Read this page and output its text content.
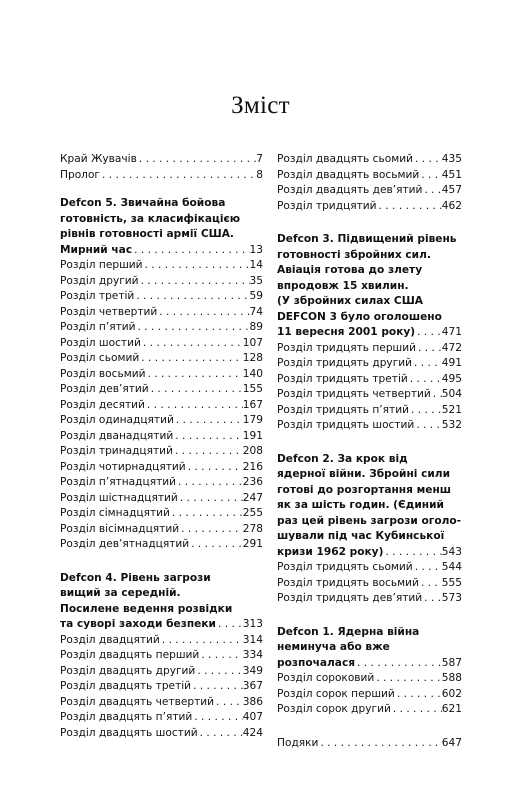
Зміст
Край Жувачів . . .	7
Пролог . . .	8
Defcon 5. Звичайна бойова
готовність, за класифікацією
рівнів готовності армії США.
Мирний час . . .	13
Розділ перший . . .	14
Розділ другий . . .	35
Розділ третій . . .	59
Розділ четвертий . . .	74
Розділ п’ятий . . .	89
Розділ шостий . . .	107
Розділ сьомий . . .	128
Розділ восьмий . . .	140
Розділ дев’ятий . . .	155
Розділ десятий . . .	167
Розділ одинадцятий . . .	179
Розділ дванадцятий . . .	191
Розділ тринадцятий . . .	208
Розділ чотирнадцятий . . .	216
Розділ п’ятнадцятий . . .	236
Розділ шістнадцятий . . .	247
Розділ сімнадцятий . . .	255
Розділ вісімнадцятий . . .	278
Розділ дев’ятнадцятий . . .	291
Defcon 4. Рівень загрози
вищий за середній.
Посилене ведення розвідки
та суворі заходи безпеки . . .	313
Розділ двадцятий . . .	314
Розділ двадцять перший . . .	334
Розділ двадцять другий . . .	349
Розділ двадцять третій . . .	367
Розділ двадцять четвертий . . .	386
Розділ двадцять п’ятий . . .	407
Розділ двадцять шостий . . .	424
Розділ двадцять сьомий . . .	435
Розділ двадцять восьмий . . . 451
Розділ двадцять дев’ятий . . . 457
Розділ тридцятий . . .	462
Defcon 3. Підвищений рівень
готовності збройних сил.
Авіація готова до злету
впродовж 15 хвилин.
(У збройних силах США
DEFCON 3 було оголошено
11 вересня 2001 року) . . .	471
Розділ тридцять перший . . . 472
Розділ тридцять другий . . .	491
Розділ тридцять третій . . .	495
Розділ тридцять четвертий . . . 504
Розділ тридцять п’ятий . . .	521
Розділ тридцять шостий . . .	532
Defcon 2. За крок від
ядерної війни. Збройні сили
готові до розгортання менш
як за шість годин. (Єдиний
раз цей рівень загрози оголо-
шували під час Кубинської
кризи 1962 року) . . .	543
Розділ тридцять сьомий . . .	544
Розділ тридцять восьмий . . . 555
Розділ тридцять дев’ятий . . . 573
Defcon 1. Ядерна війна
неминуча або вже
розпочалася . . .	587
Розділ сороковий . . .	588
Розділ сорок перший . . .	602
Розділ сорок другий . . .	621
Подяки . . .	647
